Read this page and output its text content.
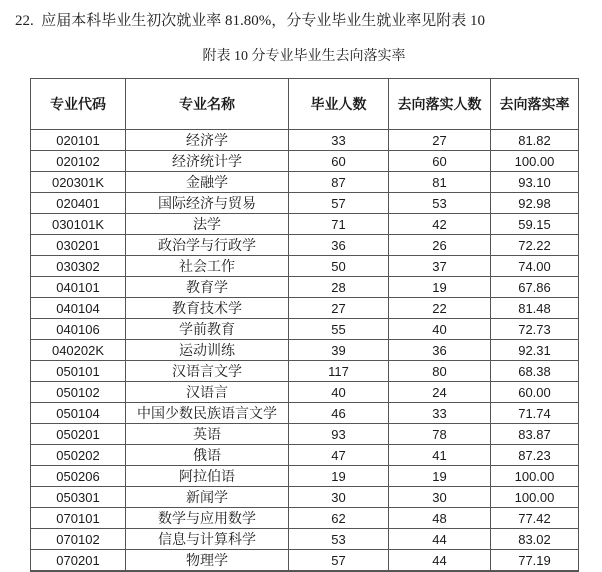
22.  应届本科毕业生初次就业率 81.80%，分专业毕业生就业率见附表 10
附表 10 分专业毕业生去向落实率
专业代码	专业名称	毕业人数	去向落实人数	去向落实率
020101	经济学	33	27	81.82
020102	经济统计学	60	60	100.00
020301K	金融学	87	81	93.10
020401	国际经济与贸易	57	53	92.98
030101K	法学	71	42	59.15
030201	政治学与行政学	36	26	72.22
030302	社会工作	50	37	74.00
040101	教育学	28	19	67.86
040104	教育技术学	27	22	81.48
040106	学前教育	55	40	72.73
040202K	运动训练	39	36	92.31
050101	汉语言文学	117	80	68.38
050102	汉语言	40	24	60.00
050104	中国少数民族语言文学	46	33	71.74
050201	英语	93	78	83.87
050202	俄语	47	41	87.23
050206	阿拉伯语	19	19	100.00
050301	新闻学	30	30	100.00
070101	数学与应用数学	62	48	77.42
070102	信息与计算科学	53	44	83.02
070201	物理学	57	44	77.19
